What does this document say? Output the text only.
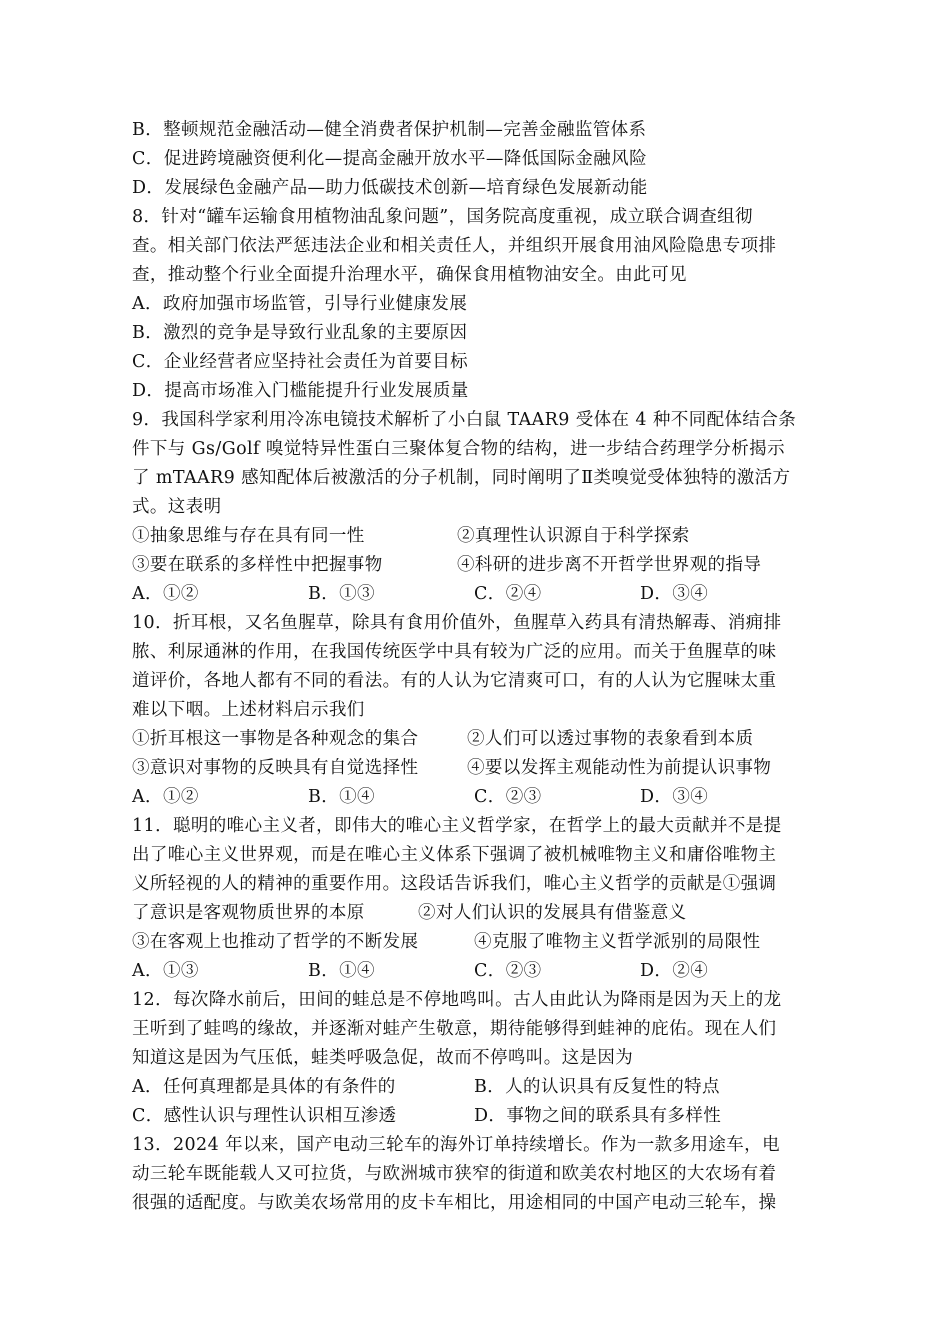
B．整顿规范金融活动—健全消费者保护机制—完善金融监管体系
C．促进跨境融资便利化—提高金融开放水平—降低国际金融风险
D．发展绿色金融产品—助力低碳技术创新—培育绿色发展新动能
8．针对“罐车运输食用植物油乱象问题”，国务院高度重视，成立联合调查组彻
查。相关部门依法严惩违法企业和相关责任人，并组织开展食用油风险隐患专项排
查，推动整个行业全面提升治理水平，确保食用植物油安全。由此可见
A．政府加强市场监管，引导行业健康发展
B．激烈的竞争是导致行业乱象的主要原因
C．企业经营者应坚持社会责任为首要目标
D．提高市场准入门槛能提升行业发展质量
9．我国科学家利用冷冻电镜技术解析了小白鼠 TAAR9 受体在 4 种不同配体结合条
件下与 Gs/Golf 嗅觉特异性蛋白三聚体复合物的结构，进一步结合药理学分析揭示
了 mTAAR9 感知配体后被激活的分子机制，同时阐明了Ⅱ类嗅觉受体独特的激活方
式。这表明
①抽象思维与存在具有同一性	②真理性认识源自于科学探索
③要在联系的多样性中把握事物	④科研的进步离不开哲学世界观的指导
A．①②	B．①③	C．②④	D．③④
10．折耳根，又名鱼腥草，除具有食用价值外，鱼腥草入药具有清热解毒、消痈排
脓、利尿通淋的作用，在我国传统医学中具有较为广泛的应用。而关于鱼腥草的味
道评价，各地人都有不同的看法。有的人认为它清爽可口，有的人认为它腥味太重
难以下咽。上述材料启示我们
①折耳根这一事物是各种观念的集合	②人们可以透过事物的表象看到本质
③意识对事物的反映具有自觉选择性	④要以发挥主观能动性为前提认识事物
A．①②	B．①④	C．②③	D．③④
11．聪明的唯心主义者，即伟大的唯心主义哲学家，在哲学上的最大贡献并不是提
出了唯心主义世界观，而是在唯心主义体系下强调了被机械唯物主义和庸俗唯物主
义所轻视的人的精神的重要作用。这段话告诉我们，唯心主义哲学的贡献是①强调
了意识是客观物质世界的本原	②对人们认识的发展具有借鉴意义
③在客观上也推动了哲学的不断发展	④克服了唯物主义哲学派别的局限性
A．①③	B．①④	C．②③	D．②④
12．每次降水前后，田间的蛙总是不停地鸣叫。古人由此认为降雨是因为天上的龙
王听到了蛙鸣的缘故，并逐渐对蛙产生敬意，期待能够得到蛙神的庇佑。现在人们
知道这是因为气压低，蛙类呼吸急促，故而不停鸣叫。这是因为
A．任何真理都是具体的有条件的	B．人的认识具有反复性的特点
C．感性认识与理性认识相互渗透	D．事物之间的联系具有多样性
13．2024 年以来，国产电动三轮车的海外订单持续增长。作为一款多用途车，电
动三轮车既能载人又可拉货，与欧洲城市狭窄的街道和欧美农村地区的大农场有着
很强的适配度。与欧美农场常用的皮卡车相比，用途相同的中国产电动三轮车，操
